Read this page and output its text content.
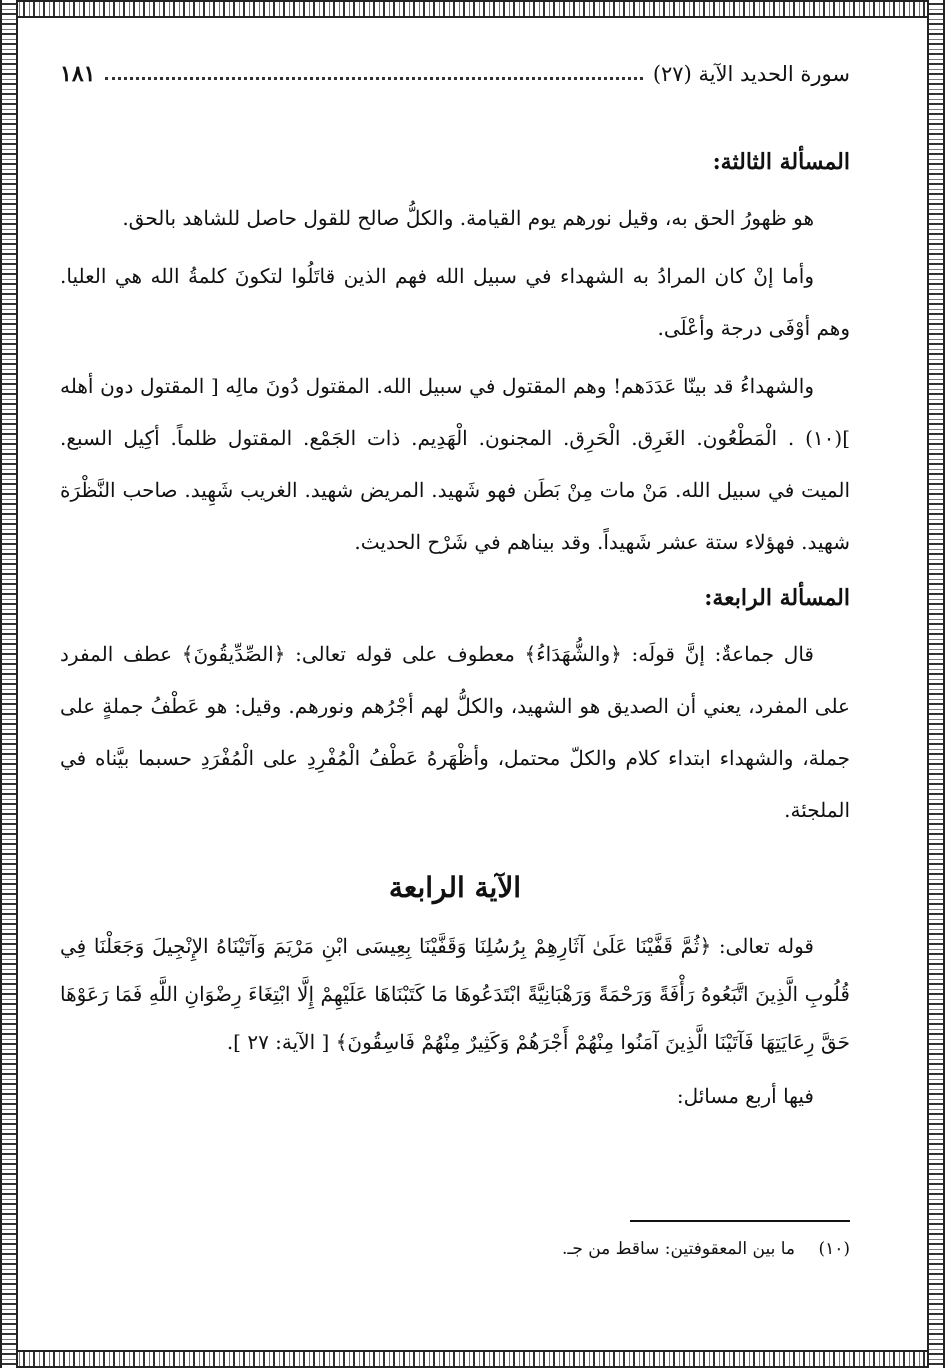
سورة الحديد الآية (٢٧)
١٨١
المسألة الثالثة:

هو ظهورُ الحق به، وقيل نورهم يوم القيامة. والكلُّ صالح للقول حاصل للشاهد بالحق.

وأما إنْ كان المرادُ به الشهداء في سبيل الله فهم الذين قاتَلُوا لتكونَ كلمةُ الله هي العليا. وهم أوْفَى درجة وأعْلَى.

والشهداءُ قد بينّا عَدَدَهم! وهم المقتول في سبيل الله. المقتول دُونَ مالِه [ المقتول دون أهله ](١٠) . الْمَطْعُون. الغَرِق. الْحَرِق. المجنون. الْهَدِيم. ذات الجَمْع. المقتول ظلماً. أكِيل السبع. الميت في سبيل الله. مَنْ مات مِنْ بَطَن فهو شَهيد. المريض شهيد. الغريب شَهِيد. صاحب النَّظْرَة شهيد. فهؤلاء ستة عشر شَهيداً. وقد بيناهم في شَرْح الحديث.

المسألة الرابعة:

قال جماعةٌ: إنَّ قولَه: ﴿والشُّهَدَاءُ﴾ معطوف على قوله تعالى: ﴿الصِّدِّيقُونَ﴾ عطف المفرد على المفرد، يعني أن الصديق هو الشهيد، والكلُّ لهم أجْرُهم ونورهم. وقيل: هو عَطْفُ جملةٍ على جملة، والشهداء ابتداء كلام والكلّ محتمل، وأظْهَرهُ عَطْفُ الْمُفْرِدِ على الْمُفْرَدِ حسبما بيَّناه في الملجئة.

الآية الرابعة

قوله تعالى: ﴿ثُمَّ قَفَّيْنَا عَلَىٰ آثَارِهِمْ بِرُسُلِنَا وَقَفَّيْنَا بِعِيسَى ابْنِ مَرْيَمَ وَآتَيْنَاهُ الإِنْجِيلَ وَجَعَلْنَا فِي قُلُوبِ الَّذِينَ اتَّبَعُوهُ رَأْفَةً وَرَحْمَةً وَرَهْبَانِيَّةً ابْتَدَعُوهَا مَا كَتَبْنَاهَا عَلَيْهِمْ إِلَّا ابْتِغَاءَ رِضْوَانِ اللَّهِ فَمَا رَعَوْهَا حَقَّ رِعَايَتِهَا فَآتَيْنَا الَّذِينَ آمَنُوا مِنْهُمْ أَجْرَهُمْ وَكَثِيرٌ مِنْهُمْ فَاسِقُونَ﴾ [ الآية: ٢٧ ].

فيها أربع مسائل:

(١٠) ما بين المعقوفتين: ساقط من جـ.
